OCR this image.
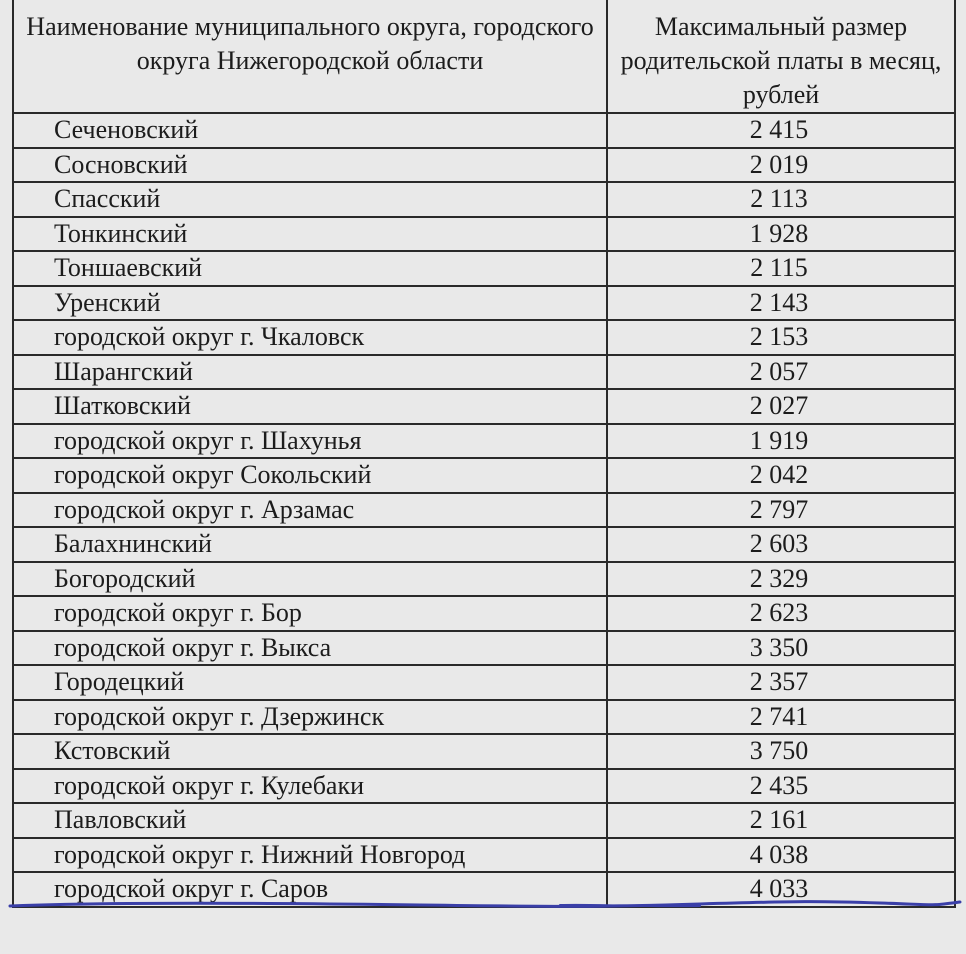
Наименование муниципального округа, городского округа Нижегородской области	Максимальный размер родительской платы в месяц, рублей
Сеченовский	2 415
Сосновский	2 019
Спасский	2 113
Тонкинский	1 928
Тоншаевский	2 115
Уренский	2 143
городской округ г. Чкаловск	2 153
Шарангский	2 057
Шатковский	2 027
городской округ г. Шахунья	1 919
городской округ Сокольский	2 042
городской округ г. Арзамас	2 797
Балахнинский	2 603
Богородский	2 329
городской округ г. Бор	2 623
городской округ г. Выкса	3 350
Городецкий	2 357
городской округ г. Дзержинск	2 741
Кстовский	3 750
городской округ г. Кулебаки	2 435
Павловский	2 161
городской округ г. Нижний Новгород	4 038
городской округ г. Саров	4 033
